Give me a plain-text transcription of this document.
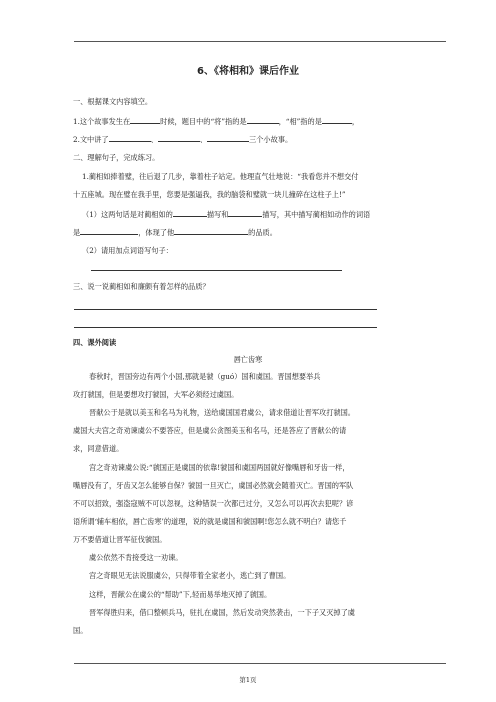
6、《将相和》课后作业
一、根据课文内容填空。
1.这个故事发生在	时候，题目中的“将”指的是	，“相”指的是	，
2.文中讲了	、	、	三个小故事。
二、理解句子，完成练习。
1.蔺相如捧着璧，往后退了几步，靠着柱子站定。他理直气壮地说：“我看您并不想交付
十五座城。现在璧在我手里，您要是强逼我，我的脑袋和璧就一块儿撞碎在这柱子上!”
（1）这两句话是对蔺相如的	描写和	描写，其中描写蔺相如动作的词语
是	，体现了他	的品质。
（2）请用加点词语写句子：
三、说一说蔺相如和廉颇有着怎样的品质？
四、课外阅读
唇亡齿寒
春秋时，晋国旁边有两个小国,那就是虢（guó）国和虞国。晋国想要举兵
攻打虢国，但是要想攻打虢国，大军必须经过虞国。
晋献公于是就以美玉和名马为礼物，送给虞国国君虞公，请求借道让晋军攻打虢国。
虞国大夫宫之奇劝谏虞公不要答应，但是虞公贪图美玉和名马，还是答应了晋献公的请
求，同意借道。
宫之奇劝谏虞公说:“虢国正是虞国的依靠!虢国和虞国两国就好像嘴唇和牙齿一样，
嘴唇没有了，牙齿又怎么能够自保？虢国一旦灭亡，虞国必然就会随着灭亡。晋国的军队
不可以招致，强盗寇贼不可以忽视，这种错误一次都已过分，又怎么可以再次去犯呢？谚
语所谓‘辅车相依，唇亡齿寒’的道理，说的就是虞国和虢国啊!您怎么就不明白？请您千
万不要借道让晋军征伐虢国。
虞公依然不肯接受这一劝谏。
宫之奇眼见无法说服虞公，只得带着全家老小，逃亡到了曹国。
这样，晋献公在虞公的“帮助”下,轻而易举地灭掉了虢国。
晋军得胜归来，借口整顿兵马，驻扎在虞国，然后发动突然袭击，一下子又灭掉了虞
国。
第1页
